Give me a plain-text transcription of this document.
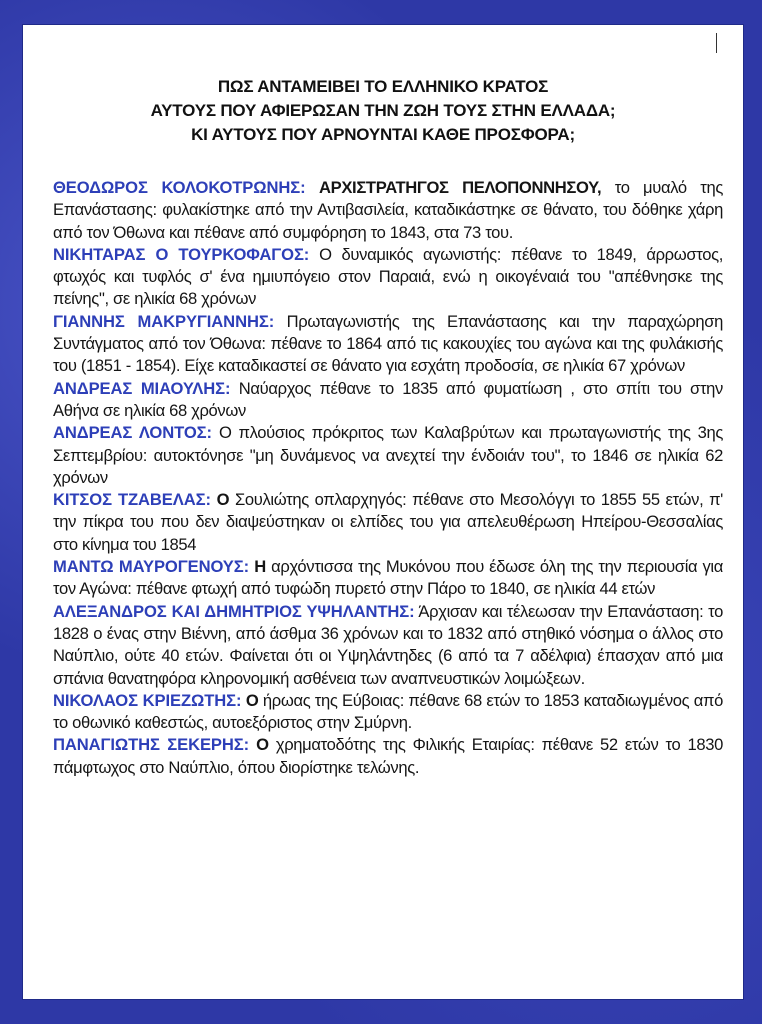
ΠΩΣ ΑΝΤΑΜΕΙΒΕΙ ΤΟ ΕΛΛΗΝΙΚΟ ΚΡΑΤΟΣ
ΑΥΤΟΥΣ ΠΟΥ ΑΦΙΕΡΩΣΑΝ ΤΗΝ ΖΩΗ ΤΟΥΣ ΣΤΗΝ ΕΛΛΑΔΑ;
ΚΙ ΑΥΤΟΥΣ ΠΟΥ ΑΡΝΟΥΝΤΑΙ ΚΑΘΕ ΠΡΟΣΦΟΡΑ;

ΘΕΟΔΩΡΟΣ ΚΟΛΟΚΟΤΡΩΝΗΣ: ΑΡΧΙΣΤΡΑΤΗΓΟΣ ΠΕΛΟΠΟΝΝΗΣΟΥ, το μυαλό της Επανάστασης: φυλακίστηκε από την Αντιβασιλεία, καταδικάστηκε σε θάνατο, του δόθηκε χάρη από τον Όθωνα και πέθανε από συμφόρηση το 1843, στα 73 του.

ΝΙΚΗΤΑΡΑΣ Ο ΤΟΥΡΚΟΦΑΓΟΣ: Ο δυναμικός αγωνιστής: πέθανε το 1849, άρρωστος, φτωχός και τυφλός σ' ένα ημιυπόγειο στον Παραιά, ενώ η οικογέναιά του "απέθνησκε της πείνης", σε ηλικία 68 χρόνων

ΓΙΑΝΝΗΣ ΜΑΚΡΥΓΙΑΝΝΗΣ: Πρωταγωνιστής της Επανάστασης και την παραχώρηση Συντάγματος από τον Όθωνα: πέθανε το 1864 από τις κακουχίες του αγώνα και της φυλάκισής του (1851 - 1854). Είχε καταδικαστεί σε θάνατο για εσχάτη προδοσία, σε ηλικία 67 χρόνων

ΑΝΔΡΕΑΣ ΜΙΑΟΥΛΗΣ: Ναύαρχος πέθανε το 1835 από φυματίωση , στο σπίτι του στην Αθήνα σε ηλικία 68 χρόνων

ΑΝΔΡΕΑΣ ΛΟΝΤΟΣ: Ο πλούσιος πρόκριτος των Καλαβρύτων και πρωταγωνιστής της 3ης Σεπτεμβρίου: αυτοκτόνησε "μη δυνάμενος να ανεχτεί την ένδοιάν του", το 1846 σε ηλικία 62 χρόνων

ΚΙΤΣΟΣ ΤΖΑΒΕΛΑΣ: Ο Σουλιώτης οπλαρχηγός: πέθανε στο Μεσολόγγι το 1855 55 ετών, π' την πίκρα του που δεν διαψεύστηκαν οι ελπίδες του για απελευθέρωση Ηπείρου-Θεσσαλίας στο κίνημα του 1854

ΜΑΝΤΩ ΜΑΥΡΟΓΕΝΟΥΣ: Η αρχόντισσα της Μυκόνου που έδωσε όλη της την περιουσία για τον Αγώνα: πέθανε φτωχή από τυφώδη πυρετό στην Πάρο το 1840, σε ηλικία 44 ετών

ΑΛΕΞΑΝΔΡΟΣ ΚΑΙ ΔΗΜΗΤΡΙΟΣ ΥΨΗΛΑΝΤΗΣ: Άρχισαν και τέλεωσαν την Επανάσταση: το 1828 ο ένας στην Βιέννη, από άσθμα 36 χρόνων και το 1832 από στηθικό νόσημα ο άλλος στο Ναύπλιο, ούτε 40 ετών. Φαίνεται ότι οι Υψηλάντηδες (6 από τα 7 αδέλφια) έπασχαν από μια σπάνια θανατηφόρα κληρονομική ασθένεια των αναπνευστικών λοιμώξεων.

ΝΙΚΟΛΑΟΣ ΚΡΙΕΖΩΤΗΣ: Ο ήρωας της Εύβοιας: πέθανε 68 ετών το 1853 καταδιωγμένος από το οθωνικό καθεστώς, αυτοεξόριστος στην Σμύρνη.

ΠΑΝΑΓΙΩΤΗΣ ΣΕΚΕΡΗΣ: Ο χρηματοδότης της Φιλικής Εταιρίας: πέθανε 52 ετών το 1830 πάμφτωχος στο Ναύπλιο, όπου διορίστηκε τελώνης.
